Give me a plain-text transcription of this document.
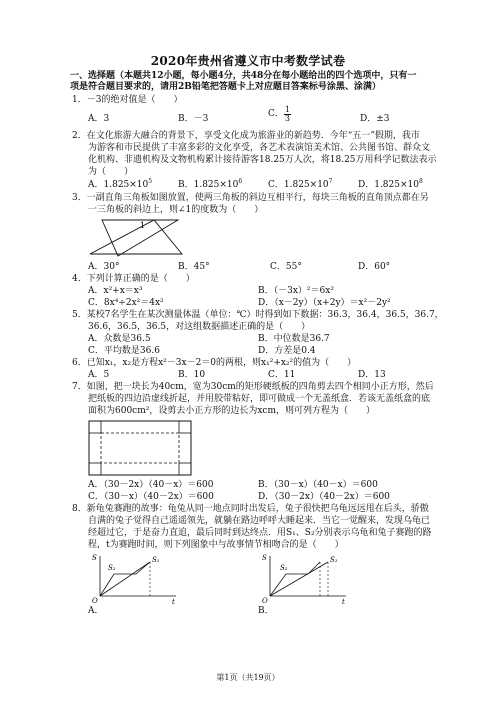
2020年贵州省遵义市中考数学试卷
一、选择题（本题共12小题，每小题4分，共48分在每小题给出的四个选项中，只有一
项是符合题目要求的，请用2B铅笔把答题卡上对应题目答案标号涂黑、涂满）
1．－3的绝对值是（　　）
A．3	B．－3	C． $\frac{1}{3}$	D．±3
2．在文化旅游大融合的背景下，享受文化成为旅游业的新趋势．今年“五一”假期，我市
为游客和市民提供了丰富多彩的文化享受，各艺术表演馆美术馆、公共图书馆、群众文
化机构、非遗机构及文物机构累计接待游客18.25万人次，将18.25万用科学记数法表示
为（　　）
A．$1.825\times 10^5$	B．$1.825\times 10^6$	C．$1.825\times 10^7$	D．$1.825\times 10^8$
3．一副直角三角板如图放置，使两三角板的斜边互相平行，每块三角板的直角顶点都在另
一三角板的斜边上，则∠1的度数为（　　）
1
A．30°	B．45°	C．55°	D．60°
4．下列计算正确的是（　　）
A．x²+x＝x³	B．（－3x）²＝6x²
C．8x⁴÷2x²＝4x²	D．（x－2y）（x+2y）＝x²－2y²
5．某校7名学生在某次测量体温（单位：℃）时得到如下数据：36.3，36.4，36.5，36.7，
36.6，36.5，36.5，对这组数据描述正确的是（　　）
A．众数是36.5	B．中位数是36.7
C．平均数是36.6	D．方差是0.4
6．已知x₁，x₂是方程x²－3x－2＝0的两根，则x₁²+x₂²的值为（　　）
A．5	B．10	C．11	D．13
7．如图，把一块长为40cm，宽为30cm的矩形硬纸板的四角剪去四个相同小正方形，然后
把纸板的四边沿虚线折起，并用胶带粘好，即可做成一个无盖纸盒．若该无盖纸盒的底
面积为600cm²，设剪去小正方形的边长为xcm，则可列方程为（　　）
A．（30－2x）（40－x）＝600	B．（30－x）（40－x）＝600
C．（30－x）（40－2x）＝600	D．（30－2x）（40－2x）＝600
8．新龟兔赛跑的故事：龟兔从同一地点同时出发后，兔子很快把乌龟远远甩在后头，骄傲
自满的兔子觉得自己遥遥领先，就躺在路边呼呼大睡起来．当它一觉醒来，发现乌龟已
经超过它，于是奋力直追，最后同时到达终点．用S₁、S₂分别表示乌龟和兔子赛跑的路
程，t为赛跑时间，则下列图象中与故事情节相吻合的是（　　）
S
t
O
S₁
S₂
A．
S
t
O
S₁
S₂
B．
第1页（共19页）
